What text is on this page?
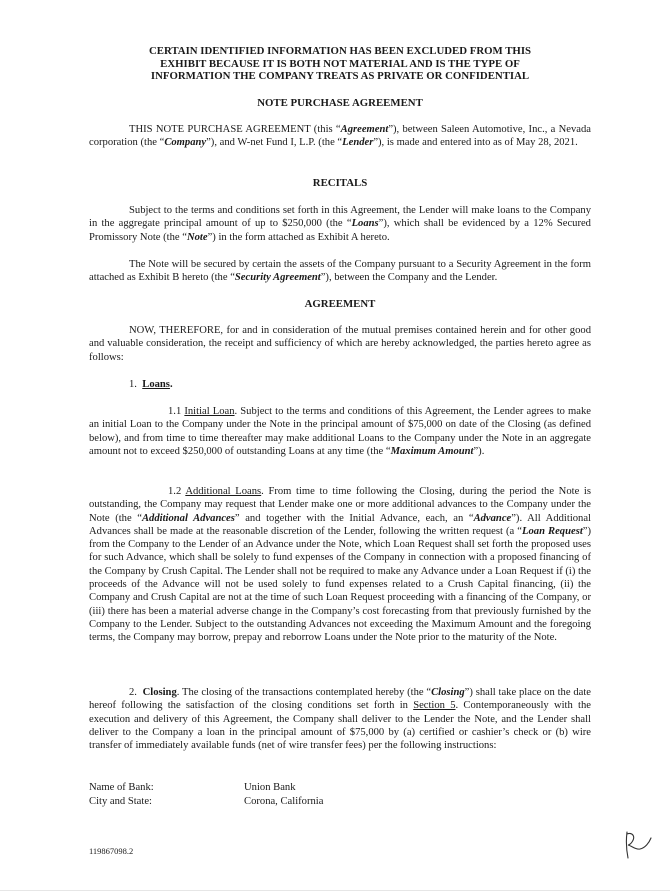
CERTAIN IDENTIFIED INFORMATION HAS BEEN EXCLUDED FROM THIS

EXHIBIT BECAUSE IT IS BOTH NOT MATERIAL AND IS THE TYPE OF

INFORMATION THE COMPANY TREATS AS PRIVATE OR CONFIDENTIAL

NOTE PURCHASE AGREEMENT

THIS NOTE PURCHASE AGREEMENT (this “Agreement”), between Saleen Automotive, Inc., a Nevada corporation (the “Company”), and W-net Fund I, L.P. (the “Lender”), is made and entered into as of May 28, 2021.

RECITALS

Subject to the terms and conditions set forth in this Agreement, the Lender will make loans to the Company in the aggregate principal amount of up to $250,000 (the “Loans”), which shall be evidenced by a 12% Secured Promissory Note (the “Note”) in the form attached as Exhibit A hereto.

The Note will be secured by certain the assets of the Company pursuant to a Security Agreement in the form attached as Exhibit B hereto (the “Security Agreement”), between the Company and the Lender.

AGREEMENT

NOW, THEREFORE, for and in consideration of the mutual premises contained herein and for other good and valuable consideration, the receipt and sufficiency of which are hereby acknowledged, the parties hereto agree as follows:

1. Loans.

1.1 Initial Loan. Subject to the terms and conditions of this Agreement, the Lender agrees to make an initial Loan to the Company under the Note in the principal amount of $75,000 on date of the Closing (as defined below), and from time to time thereafter may make additional Loans to the Company under the Note in an aggregate amount not to exceed $250,000 of outstanding Loans at any time (the “Maximum Amount”).

1.2 Additional Loans. From time to time following the Closing, during the period the Note is outstanding, the Company may request that Lender make one or more additional advances to the Company under the Note (the “Additional Advances” and together with the Initial Advance, each, an “Advance”). All Additional Advances shall be made at the reasonable discretion of the Lender, following the written request (a “Loan Request”) from the Company to the Lender of an Advance under the Note, which Loan Request shall set forth the proposed uses for such Advance, which shall be solely to fund expenses of the Company in connection with a proposed financing of the Company by Crush Capital. The Lender shall not be required to make any Advance under a Loan Request if (i) the proceeds of the Advance will not be used solely to fund expenses related to a Crush Capital financing, (ii) the Company and Crush Capital are not at the time of such Loan Request proceeding with a financing of the Company, or (iii) there has been a material adverse change in the Company’s cost forecasting from that previously furnished by the Company to the Lender. Subject to the outstanding Advances not exceeding the Maximum Amount and the foregoing terms, the Company may borrow, prepay and reborrow Loans under the Note prior to the maturity of the Note.

2. Closing. The closing of the transactions contemplated hereby (the “Closing”) shall take place on the date hereof following the satisfaction of the closing conditions set forth in Section 5. Contemporaneously with the execution and delivery of this Agreement, the Company shall deliver to the Lender the Note, and the Lender shall deliver to the Company a loan in the principal amount of $75,000 by (a) certified or cashier’s check or (b) wire transfer of immediately available funds (net of wire transfer fees) per the following instructions:

Name of Bank:	Union Bank

City and State:	Corona, California

119867098.2
